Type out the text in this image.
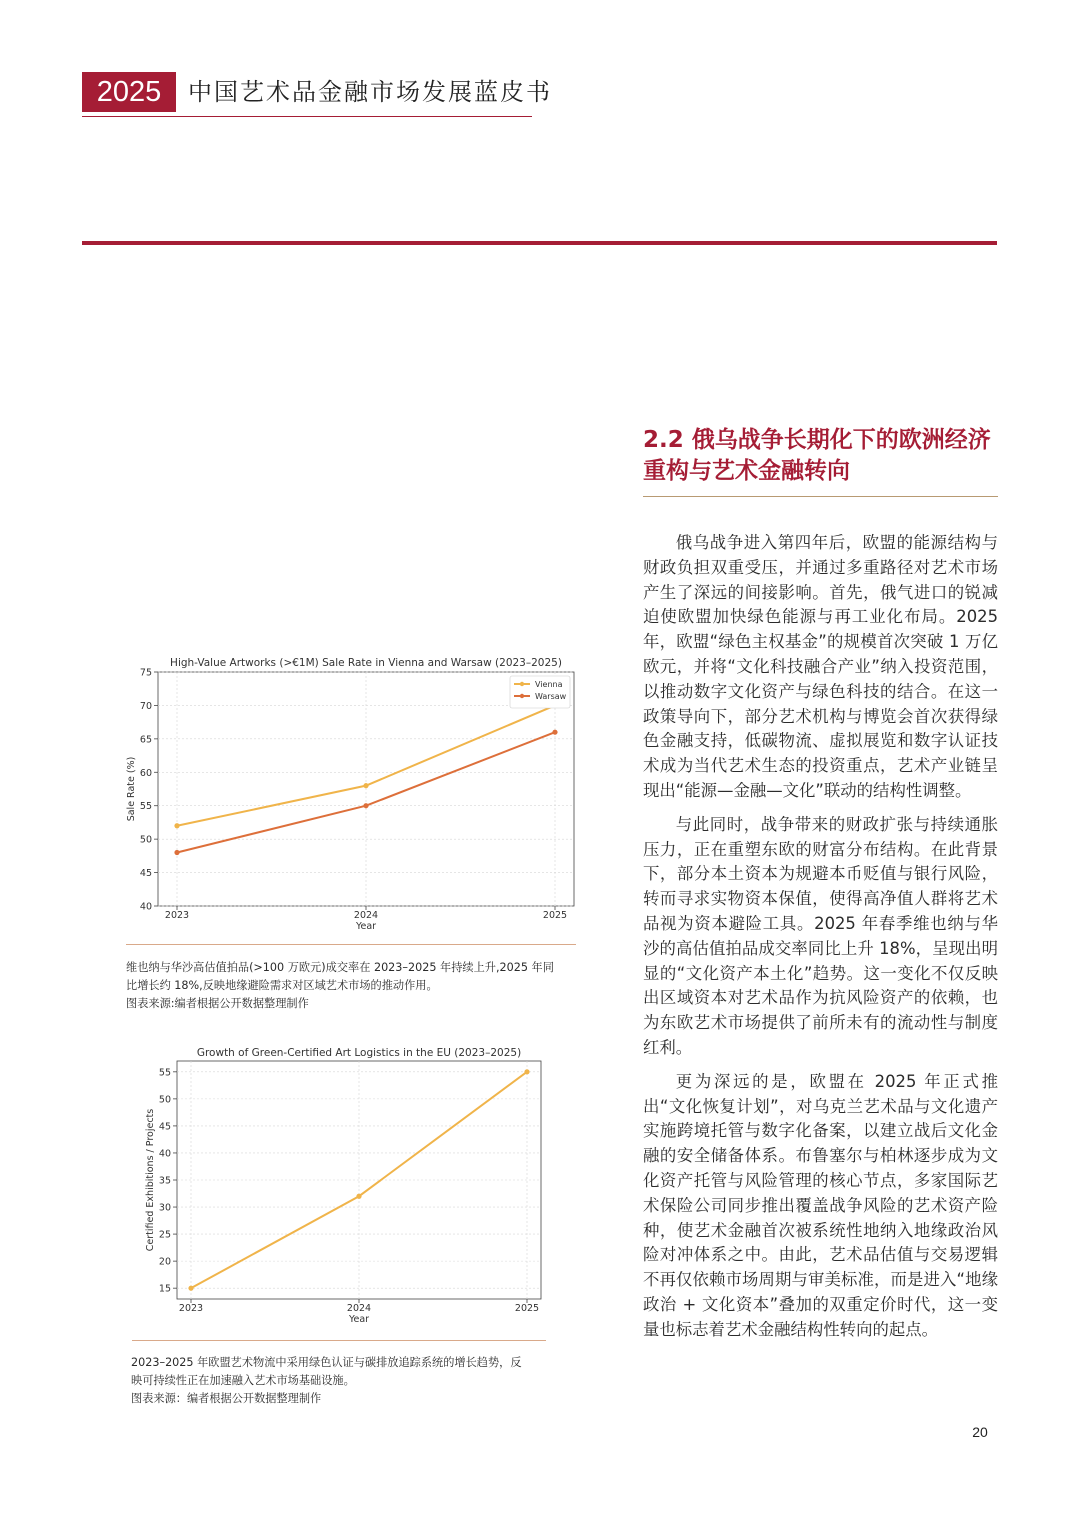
2025	中国艺术品金融市场发展蓝皮书
2.2 俄乌战争长期化下的欧洲经济
重构与艺术金融转向

俄乌战争进入第四年后，欧盟的能源结构与财政负担双重受压，并通过多重路径对艺术市场产生了深远的间接影响。首先，俄气进口的锐减迫使欧盟加快绿色能源与再工业化布局。2025 年，欧盟“绿色主权基金”的规模首次突破 1 万亿欧元，并将“文化科技融合产业”纳入投资范围，以推动数字文化资产与绿色科技的结合。在这一政策导向下，部分艺术机构与博览会首次获得绿色金融支持，低碳物流、虚拟展览和数字认证技术成为当代艺术生态的投资重点，艺术产业链呈现出“能源—金融—文化”联动的结构性调整。

与此同时，战争带来的财政扩张与持续通胀压力，正在重塑东欧的财富分布结构。在此背景下，部分本土资本为规避本币贬值与银行风险，转而寻求实物资本保值，使得高净值人群将艺术品视为资本避险工具。2025 年春季维也纳与华沙的高估值拍品成交率同比上升 18%，呈现出明显的“文化资产本土化”趋势。这一变化不仅反映出区域资本对艺术品作为抗风险资产的依赖，也为东欧艺术市场提供了前所未有的流动性与制度红利。

更为深远的是，欧盟在 2025 年正式推出“文化恢复计划”，对乌克兰艺术品与文化遗产实施跨境托管与数字化备案，以建立战后文化金融的安全储备体系。布鲁塞尔与柏林逐步成为文化资产托管与风险管理的核心节点，多家国际艺术保险公司同步推出覆盖战争风险的艺术资产险种，使艺术金融首次被系统性地纳入地缘政治风险对冲体系之中。由此，艺术品估值与交易逻辑不再仅依赖市场周期与审美标准，而是进入“地缘政治 + 文化资本”叠加的双重定价时代，这一变量也标志着艺术金融结构性转向的起点。

High-Value Artworks (>€1M) Sale Rate in Vienna and Warsaw (2023–2025)
40
45
50
55
60
65
70
75
2023	2024	2025
Year
Sale Rate (%)
Vienna
Warsaw
维也纳与华沙高估值拍品(>100 万欧元)成交率在 2023–2025 年持续上升,2025 年同
比增长约 18%,反映地缘避险需求对区域艺术市场的推动作用。
图表来源:编者根据公开数据整理制作
Growth of Green-Certified Art Logistics in the EU (2023–2025)
15
20
25
30
35
40
45
50
55
2023	2024	2025
Year
Certified Exhibitions / Projects
2023–2025 年欧盟艺术物流中采用绿色认证与碳排放追踪系统的增长趋势，反
映可持续性正在加速融入艺术市场基础设施。
图表来源：编者根据公开数据整理制作
20
